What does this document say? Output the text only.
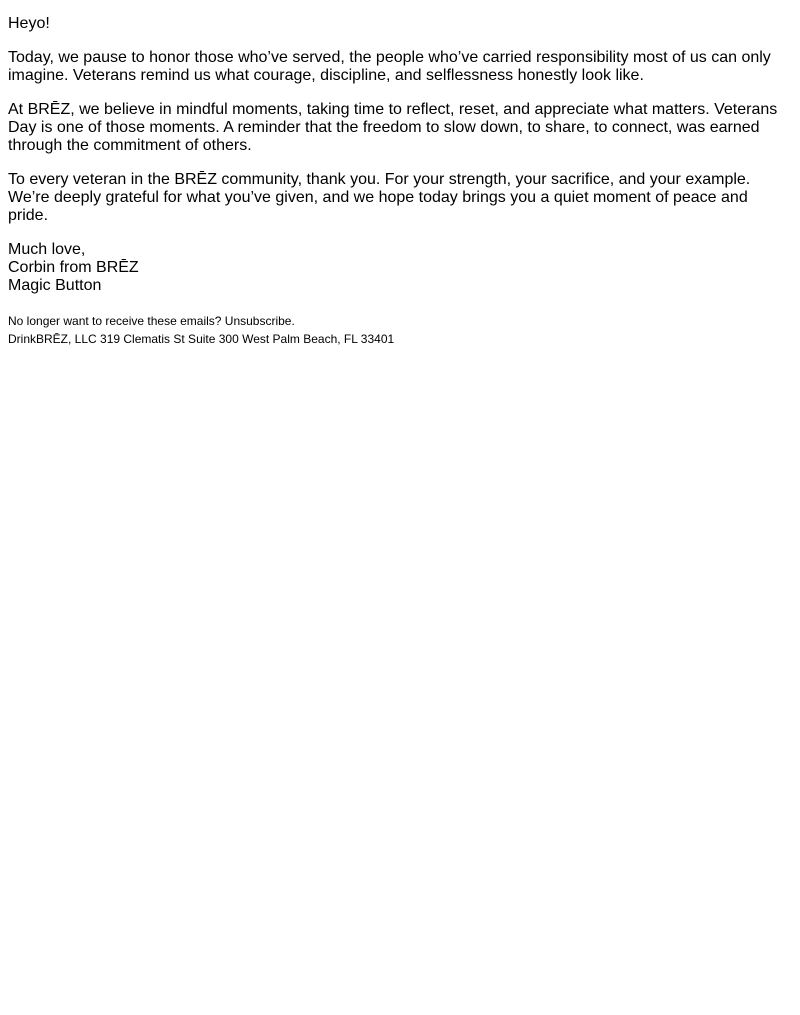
Heyo!

Today, we pause to honor those who’ve served, the people who’ve carried responsibility most of us can only
imagine. Veterans remind us what courage, discipline, and selflessness honestly look like.

At BRĒZ, we believe in mindful moments, taking time to reflect, reset, and appreciate what matters. Veterans
Day is one of those moments. A reminder that the freedom to slow down, to share, to connect, was earned
through the commitment of others.

To every veteran in the BRĒZ community, thank you. For your strength, your sacrifice, and your example.
We’re deeply grateful for what you’ve given, and we hope today brings you a quiet moment of peace and
pride.

Much love,
Corbin from BRĒZ
Magic Button

No longer want to receive these emails? Unsubscribe.

DrinkBRĒZ, LLC 319 Clematis St Suite 300 West Palm Beach, FL 33401
